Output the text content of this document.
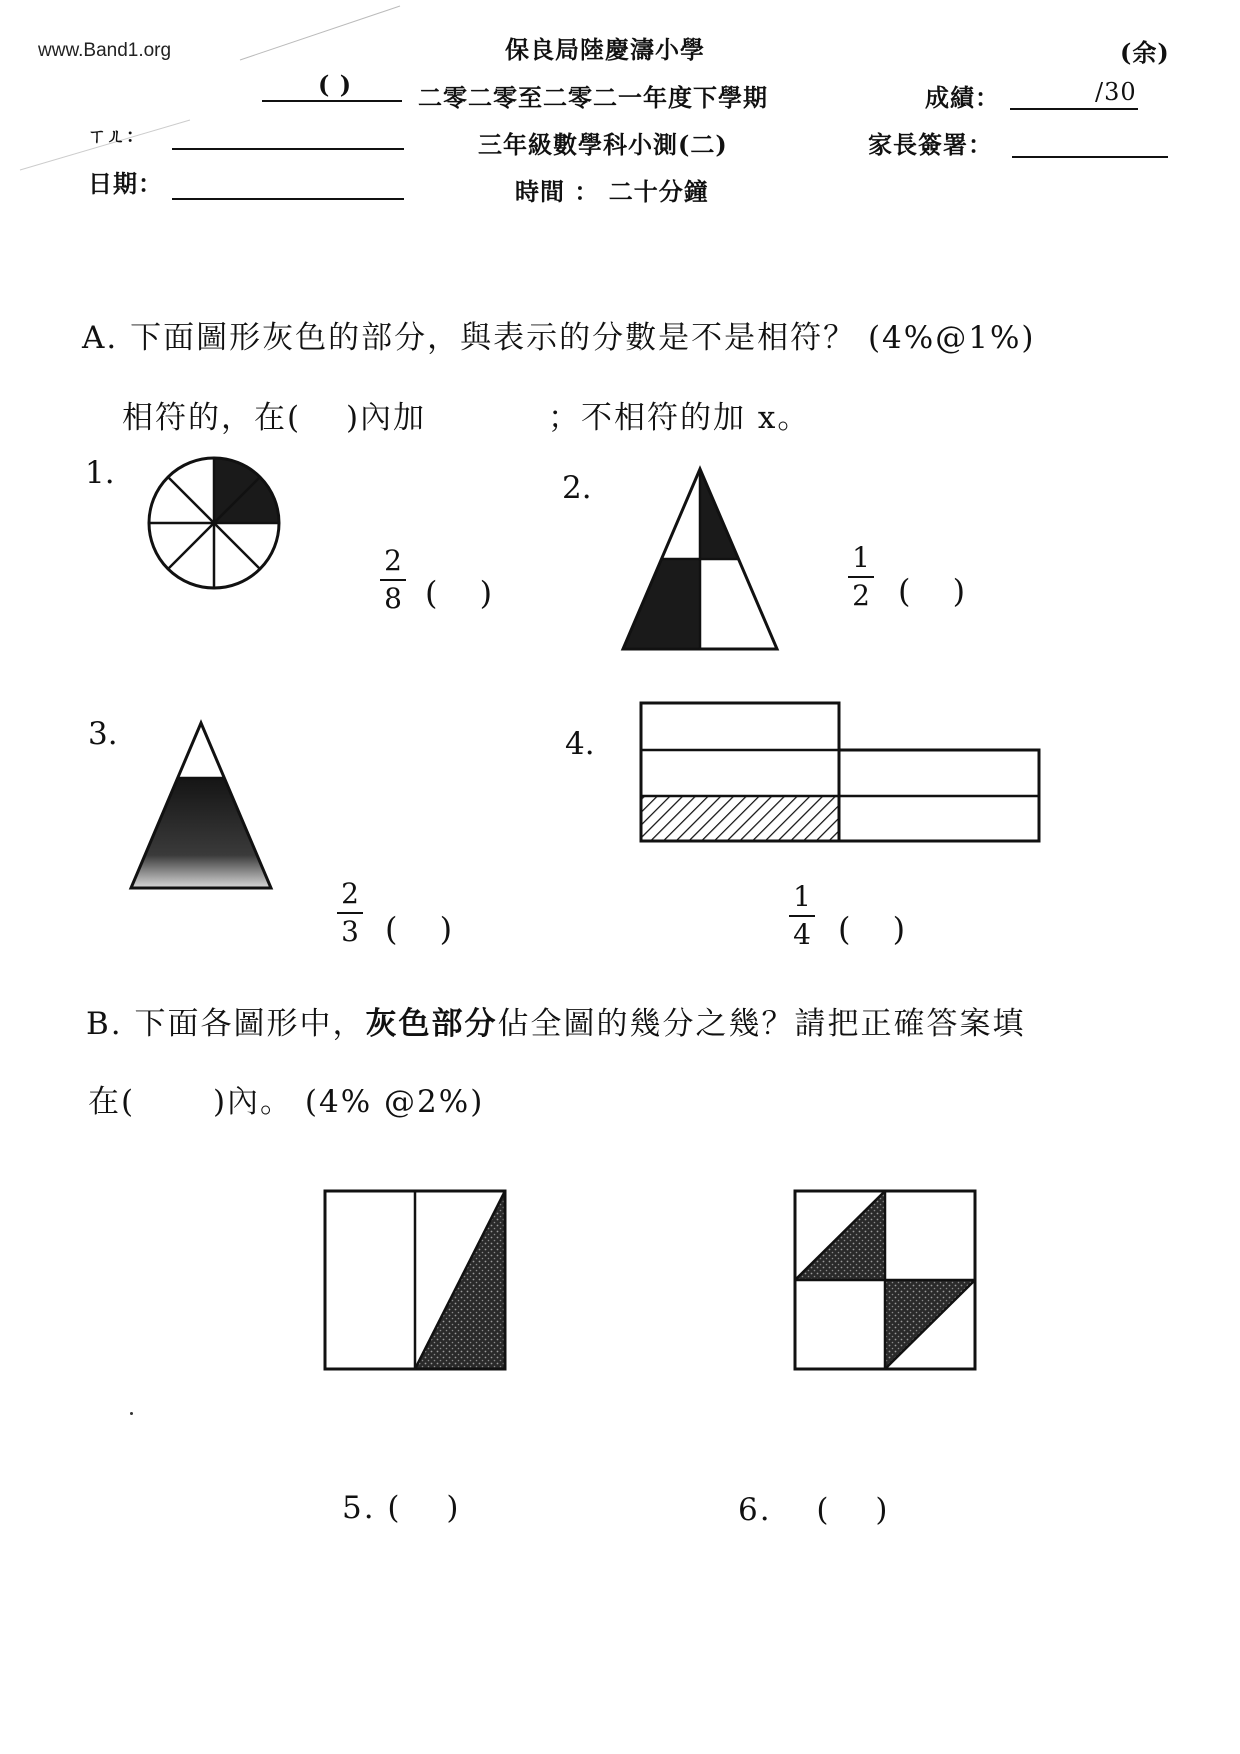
www.Band1.org	保良局陸慶濤小學	(余)
( )	二零二零至二零二一年度下學期	成績：	/30
ㄒㄦ：	三年級數學科小測(二)	家長簽署：
日期：	時間 ： 二十分鐘
A. 下面圖形灰色的部分，與表示的分數是不是相符？ (4%@1%)
相符的，在(　 )內加	；不相符的加 x。
1.
2
8 (　 )
2.
1
2 (　 )
3.
2
3 (　 )
4.
1
4 (　 )
B. 下面各圖形中，灰色部分佔全圖的幾分之幾？請把正確答案填
在(　　 )內。 (4% @2%)
5. (　 )	6. 　(　 )
